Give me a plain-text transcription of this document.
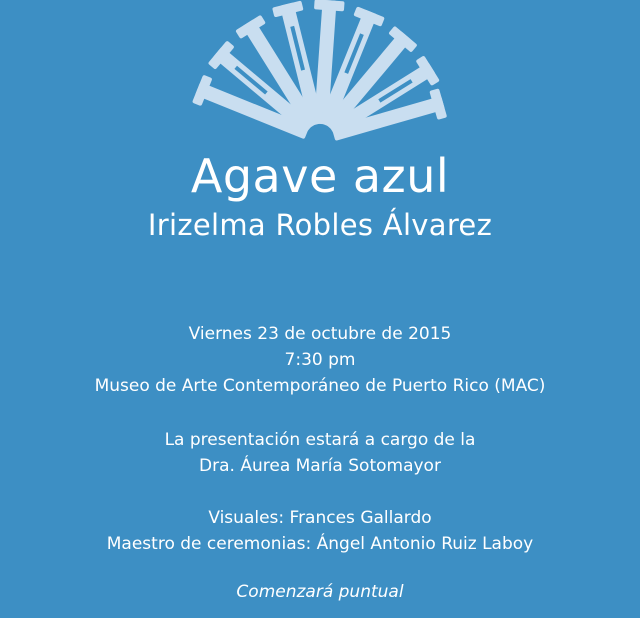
Agave azul
Irizelma Robles Álvarez
Viernes 23 de octubre de 2015
7:30 pm
Museo de Arte Contemporáneo de Puerto Rico (MAC)
La presentación estará a cargo de la
Dra. Áurea María Sotomayor
Visuales: Frances Gallardo
Maestro de ceremonias: Ángel Antonio Ruiz Laboy
Comenzará puntual
